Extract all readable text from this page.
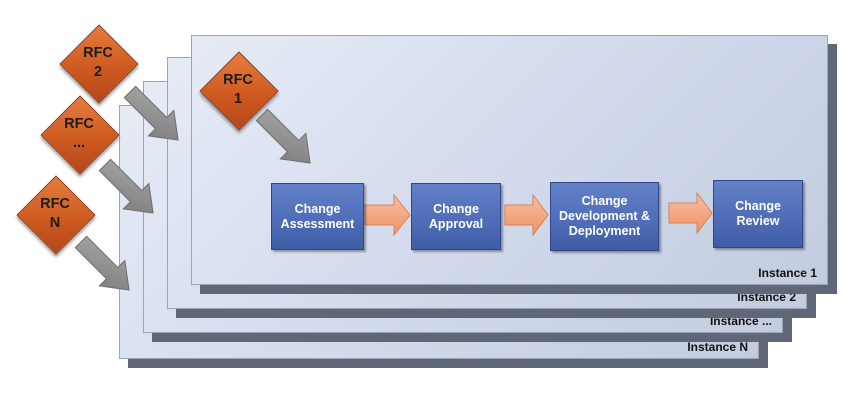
Instance N
Instance ...
Instance 2
Instance 1
Change
Assessment
Change
Approval
Change
Development &
Deployment
Change
Review
RFC
2	RFC
1
RFC
...
RFC
N
